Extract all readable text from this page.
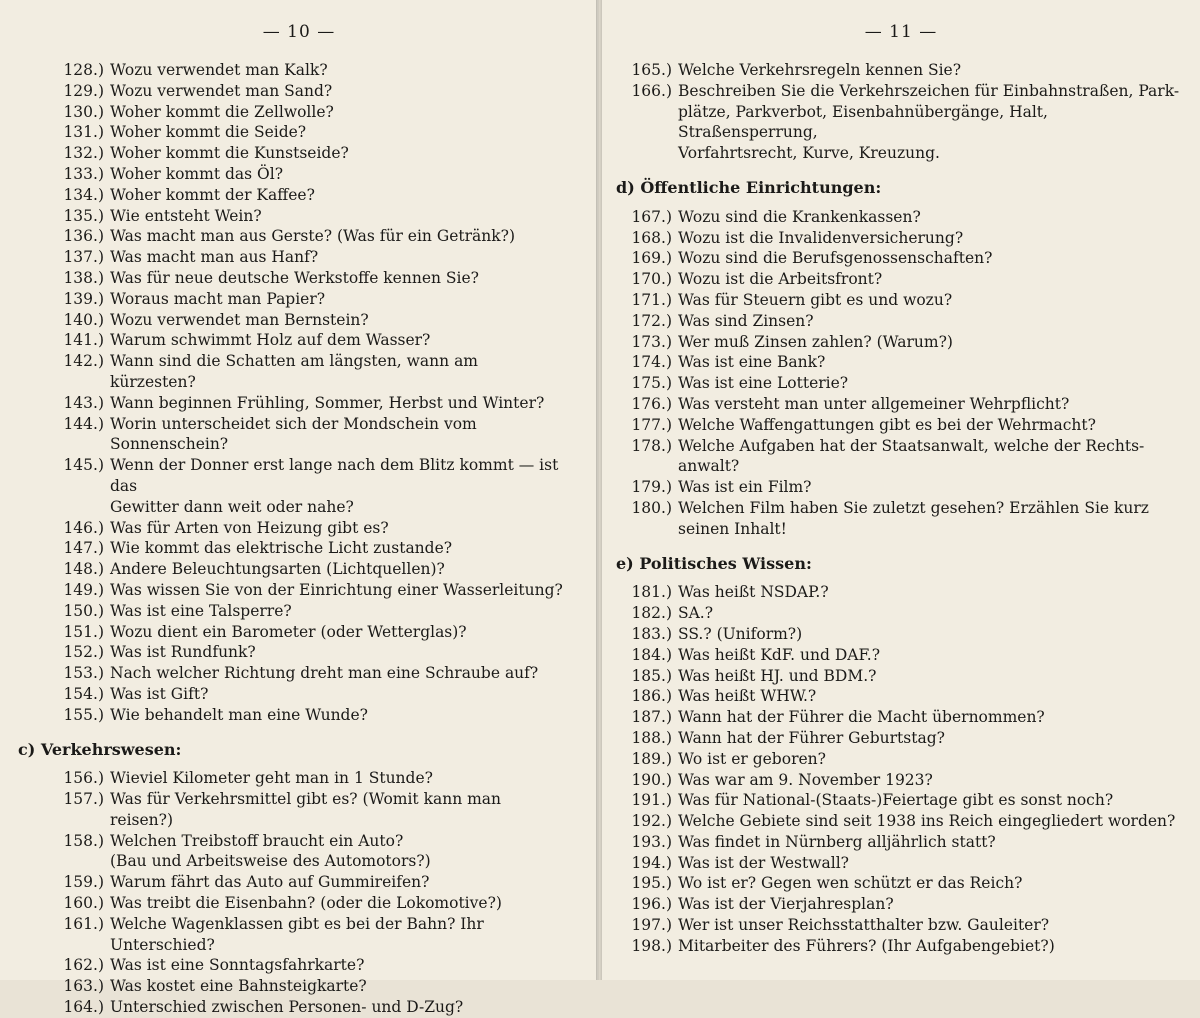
— 10 —
128.) Wozu verwendet man Kalk?
129.) Wozu verwendet man Sand?
130.) Woher kommt die Zellwolle?
131.) Woher kommt die Seide?
132.) Woher kommt die Kunstseide?
133.) Woher kommt das Öl?
134.) Woher kommt der Kaffee?
135.) Wie entsteht Wein?
136.) Was macht man aus Gerste? (Was für ein Getränk?)
137.) Was macht man aus Hanf?
138.) Was für neue deutsche Werkstoffe kennen Sie?
139.) Woraus macht man Papier?
140.) Wozu verwendet man Bernstein?
141.) Warum schwimmt Holz auf dem Wasser?
142.) Wann sind die Schatten am längsten, wann am kürzesten?
143.) Wann beginnen Frühling, Sommer, Herbst und Winter?
144.) Worin unterscheidet sich der Mondschein vom Sonnenschein?
145.) Wenn der Donner erst lange nach dem Blitz kommt — ist das
Gewitter dann weit oder nahe?
146.) Was für Arten von Heizung gibt es?
147.) Wie kommt das elektrische Licht zustande?
148.) Andere Beleuchtungsarten (Lichtquellen)?
149.) Was wissen Sie von der Einrichtung einer Wasserleitung?
150.) Was ist eine Talsperre?
151.) Wozu dient ein Barometer (oder Wetterglas)?
152.) Was ist Rundfunk?
153.) Nach welcher Richtung dreht man eine Schraube auf?
154.) Was ist Gift?
155.) Wie behandelt man eine Wunde?
c) Verkehrswesen:
156.) Wieviel Kilometer geht man in 1 Stunde?
157.) Was für Verkehrsmittel gibt es? (Womit kann man reisen?)
158.) Welchen Treibstoff braucht ein Auto?
(Bau und Arbeitsweise des Automotors?)
159.) Warum fährt das Auto auf Gummireifen?
160.) Was treibt die Eisenbahn? (oder die Lokomotive?)
161.) Welche Wagenklassen gibt es bei der Bahn? Ihr Unterschied?
162.) Was ist eine Sonntagsfahrkarte?
163.) Was kostet eine Bahnsteigkarte?
164.) Unterschied zwischen Personen- und D-Zug?
— 11 —
165.) Welche Verkehrsregeln kennen Sie?
166.) Beschreiben Sie die Verkehrszeichen für Einbahnstraßen, Park-
plätze, Parkverbot, Eisenbahnübergänge, Halt, Straßensperrung,
Vorfahrtsrecht, Kurve, Kreuzung.
d) Öffentliche Einrichtungen:
167.) Wozu sind die Krankenkassen?
168.) Wozu ist die Invalidenversicherung?
169.) Wozu sind die Berufsgenossenschaften?
170.) Wozu ist die Arbeitsfront?
171.) Was für Steuern gibt es und wozu?
172.) Was sind Zinsen?
173.) Wer muß Zinsen zahlen? (Warum?)
174.) Was ist eine Bank?
175.) Was ist eine Lotterie?
176.) Was versteht man unter allgemeiner Wehrpflicht?
177.) Welche Waffengattungen gibt es bei der Wehrmacht?
178.) Welche Aufgaben hat der Staatsanwalt, welche der Rechts-
anwalt?
179.) Was ist ein Film?
180.) Welchen Film haben Sie zuletzt gesehen? Erzählen Sie kurz
seinen Inhalt!
e) Politisches Wissen:
181.) Was heißt NSDAP.?
182.) SA.?
183.) SS.? (Uniform?)
184.) Was heißt KdF. und DAF.?
185.) Was heißt HJ. und BDM.?
186.) Was heißt WHW.?
187.) Wann hat der Führer die Macht übernommen?
188.) Wann hat der Führer Geburtstag?
189.) Wo ist er geboren?
190.) Was war am 9. November 1923?
191.) Was für National-(Staats-)Feiertage gibt es sonst noch?
192.) Welche Gebiete sind seit 1938 ins Reich eingegliedert worden?
193.) Was findet in Nürnberg alljährlich statt?
194.) Was ist der Westwall?
195.) Wo ist er? Gegen wen schützt er das Reich?
196.) Was ist der Vierjahresplan?
197.) Wer ist unser Reichsstatthalter bzw. Gauleiter?
198.) Mitarbeiter des Führers? (Ihr Aufgabengebiet?)
